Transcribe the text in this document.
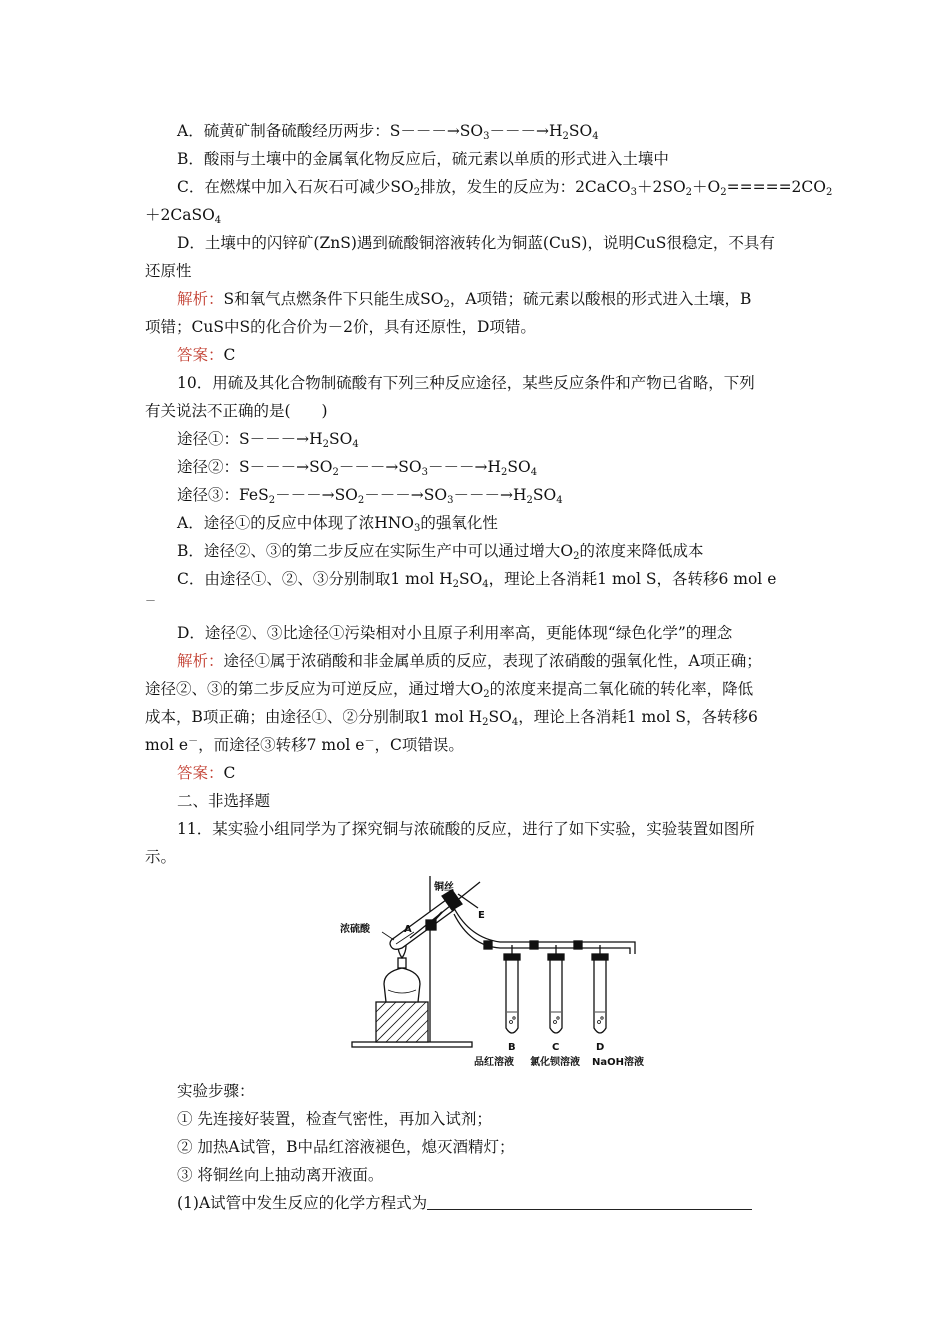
A．硫黄矿制备硫酸经历两步：$S---\to SO_3---\to H_2SO_4$
B．酸雨与土壤中的金属氧化物反应后，硫元素以单质的形式进入土壤中
C．在燃煤中加入石灰石可减少$SO_2$排放，发生的反应为：$2CaCO_3+2SO_2+O_2=====2CO_2$
＋2CaSO$_4$
D．土壤中的闪锌矿(ZnS)遇到硫酸铜溶液转化为铜蓝(CuS)，说明CuS很稳定，不具有
还原性
解析：S和氧气点燃条件下只能生成$SO_2$，A项错；硫元素以酸根的形式进入土壤，B
项错；CuS中S的化合价为－2价，具有还原性，D项错。
答案：C
10．用硫及其化合物制硫酸有下列三种反应途径，某些反应条件和产物已省略，下列
有关说法不正确的是(　　)
途径①：$S---\to H_2SO_4$
途径②：$S---\to SO_2---\to SO_3---\to H_2SO_4$
途径③：$FeS_2---\to SO_2---\to SO_3---\to H_2SO_4$
A．途径①的反应中体现了浓$HNO_3$的强氧化性
B．途径②、③的第二步反应在实际生产中可以通过增大$O_2$的浓度来降低成本
C．由途径①、②、③分别制取1 mol $H_2SO_4$，理论上各消耗1 mol S，各转移6 mol e
－
D．途径②、③比途径①污染相对小且原子利用率高，更能体现“绿色化学”的理念
解析：途径①属于浓硝酸和非金属单质的反应，表现了浓硝酸的强氧化性，A项正确；
途径②、③的第二步反应为可逆反应，通过增大$O_2$的浓度来提高二氧化硫的转化率，降低
成本，B项正确；由途径①、②分别制取1 mol $H_2SO_4$，理论上各消耗1 mol S，各转移6
mol e－，而途径③转移7 mol e－，C项错误。
答案：C
二、非选择题
11．某实验小组同学为了探究铜与浓硫酸的反应，进行了如下实验，实验装置如图所
示。
铜丝
E
A
浓硫酸
B	C	D
品红溶液 氯化钡溶液 NaOH溶液
实验步骤：
① 先连接好装置，检查气密性，再加入试剂；
② 加热A试管，B中品红溶液褪色，熄灭酒精灯；
③ 将铜丝向上抽动离开液面。
(1)A试管中发生反应的化学方程式为
